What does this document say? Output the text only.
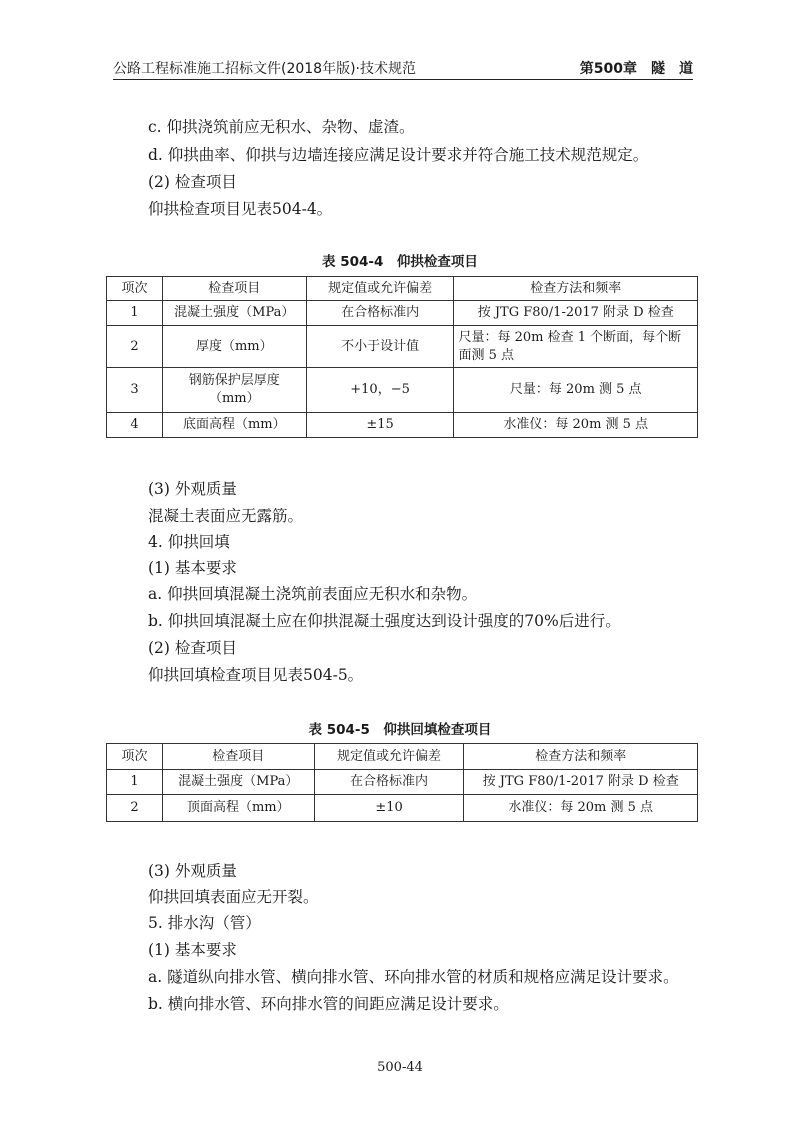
公路工程标准施工招标文件(2018年版)·技术规范	第500章　隧　道
c. 仰拱浇筑前应无积水、杂物、虚渣。
d. 仰拱曲率、仰拱与边墙连接应满足设计要求并符合施工技术规范规定。
(2) 检查项目
仰拱检查项目见表504-4。
表 504-4　仰拱检查项目
项次	检查项目	规定值或允许偏差	检查方法和频率
1	混凝土强度（MPa）	在合格标准内	按 JTG F80/1-2017 附录 D 检查
2	厚度（mm）	不小于设计值	尺量：每 20m 检查 1 个断面，每个断面测 5 点
3	钢筋保护层厚度（mm）	+10，−5	尺量：每 20m 测 5 点
4	底面高程（mm）	±15	水准仪：每 20m 测 5 点
(3) 外观质量
混凝土表面应无露筋。
4. 仰拱回填
(1) 基本要求
a. 仰拱回填混凝土浇筑前表面应无积水和杂物。
b. 仰拱回填混凝土应在仰拱混凝土强度达到设计强度的70%后进行。
(2) 检查项目
仰拱回填检查项目见表504-5。
表 504-5　仰拱回填检查项目
项次	检查项目	规定值或允许偏差	检查方法和频率
1	混凝土强度（MPa）	在合格标准内	按 JTG F80/1-2017 附录 D 检查
2	顶面高程（mm）	±10	水准仪：每 20m 测 5 点
(3) 外观质量
仰拱回填表面应无开裂。
5. 排水沟（管）
(1) 基本要求
a. 隧道纵向排水管、横向排水管、环向排水管的材质和规格应满足设计要求。
b. 横向排水管、环向排水管的间距应满足设计要求。
500-44
